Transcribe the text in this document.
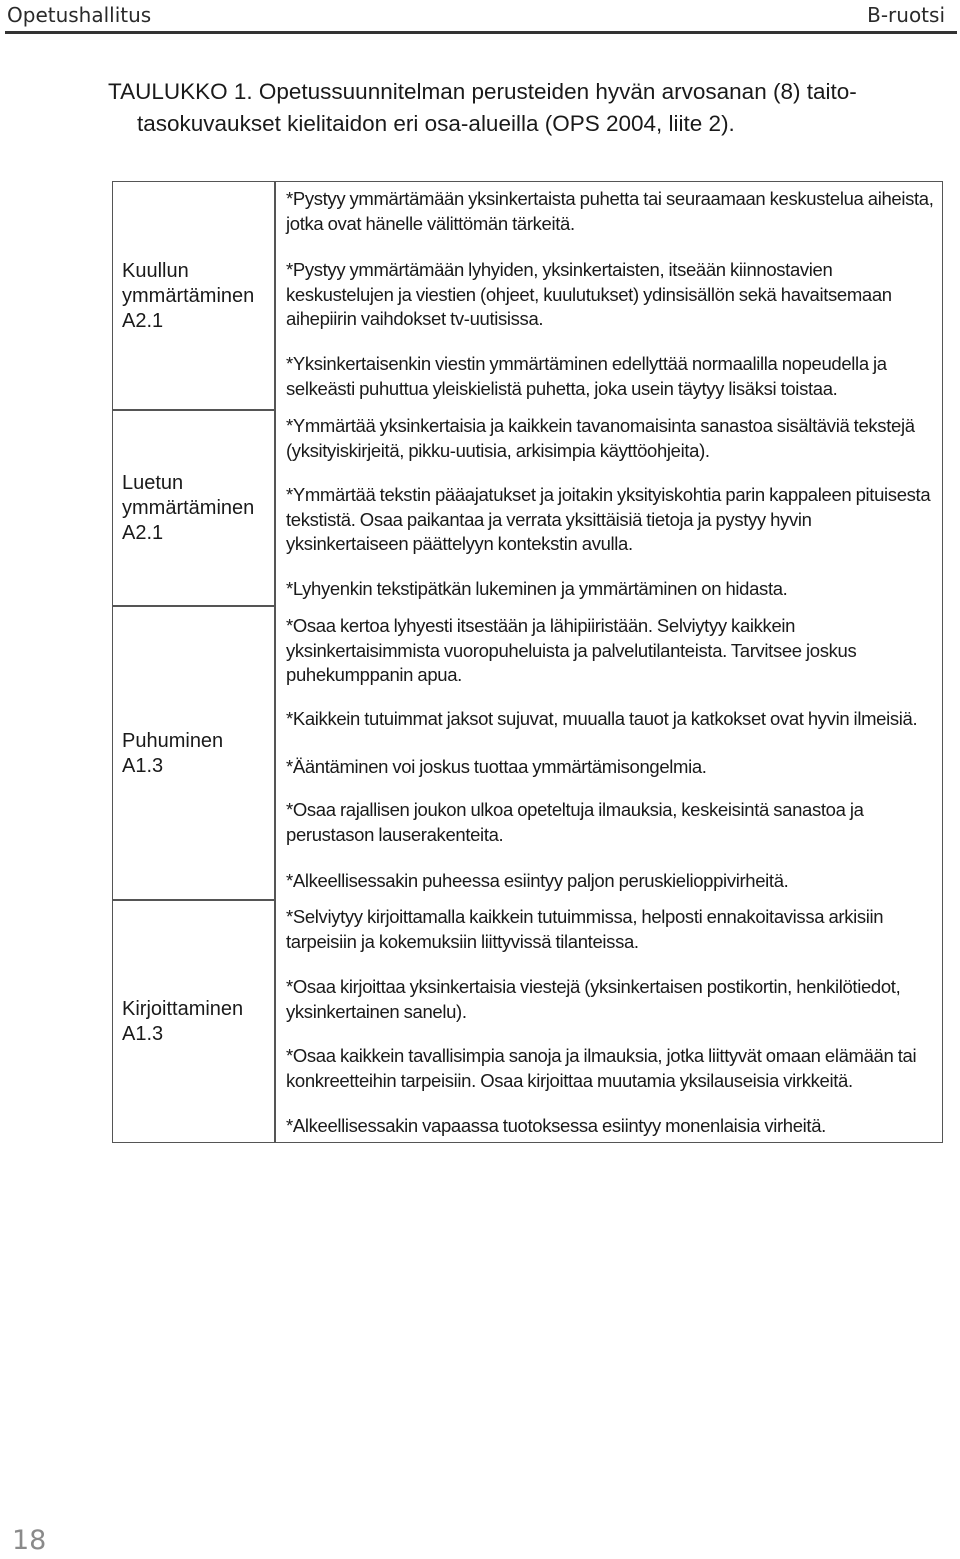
Opetushallitus	B-ruotsi
TAULUKKO 1. Opetussuunnitelman perusteiden hyvän arvosanan (8) taito-
tasokuvaukset kielitaidon eri osa-alueilla (OPS 2004, liite 2).
Kuullun ymmärtäminen
A2.1
Luetun ymmärtäminen
A2.1
Puhuminen
A1.3
Kirjoittaminen
A1.3
*Pystyy ymmärtämään yksinkertaista puhetta tai seuraamaan keskustelua aiheista, jotka ovat hänelle välittömän tärkeitä.
*Pystyy ymmärtämään lyhyiden, yksinkertaisten, itseään kiinnostavien keskustelujen ja viestien (ohjeet, kuulutukset) ydinsisällön sekä havaitsemaan aihepiirin vaihdokset tv-uutisissa.
*Yksinkertaisenkin viestin ymmärtäminen edellyttää normaalilla nopeudella ja selkeästi puhuttua yleiskielistä puhetta, joka usein täytyy lisäksi toistaa.
*Ymmärtää yksinkertaisia ja kaikkein tavanomaisinta sanastoa sisältäviä tekstejä (yksityiskirjeitä, pikku-uutisia, arkisimpia käyttöohjeita).
*Ymmärtää tekstin pääajatukset ja joitakin yksityiskohtia parin kappaleen pituisesta tekstistä. Osaa paikantaa ja verrata yksittäisiä tietoja ja pystyy hyvin yksinkertaiseen päättelyyn kontekstin avulla.
*Lyhyenkin tekstipätkän lukeminen ja ymmärtäminen on hidasta.
*Osaa kertoa lyhyesti itsestään ja lähipiiristään. Selviytyy kaikkein yksinkertaisimmista vuoropuheluista ja palvelutilanteista. Tarvitsee joskus puhekumppanin apua.
*Kaikkein tutuimmat jaksot sujuvat, muualla tauot ja katkokset ovat hyvin ilmeisiä.
*Ääntäminen voi joskus tuottaa ymmärtämisongelmia.
*Osaa rajallisen joukon ulkoa opeteltuja ilmauksia, keskeisintä sanastoa ja perustason lauserakenteita.
*Alkeellisessakin puheessa esiintyy paljon peruskielioppivirheitä.
*Selviytyy kirjoittamalla kaikkein tutuimmissa, helposti ennakoitavissa arkisiin tarpeisiin ja kokemuksiin liittyvissä tilanteissa.
*Osaa kirjoittaa yksinkertaisia viestejä (yksinkertaisen postikortin, henkilötiedot, yksinkertainen sanelu).
*Osaa kaikkein tavallisimpia sanoja ja ilmauksia, jotka liittyvät omaan elämään tai konkreetteihin tarpeisiin. Osaa kirjoittaa muutamia yksilauseisia virkkeitä.
*Alkeellisessakin vapaassa tuotoksessa esiintyy monenlaisia virheitä.
18
